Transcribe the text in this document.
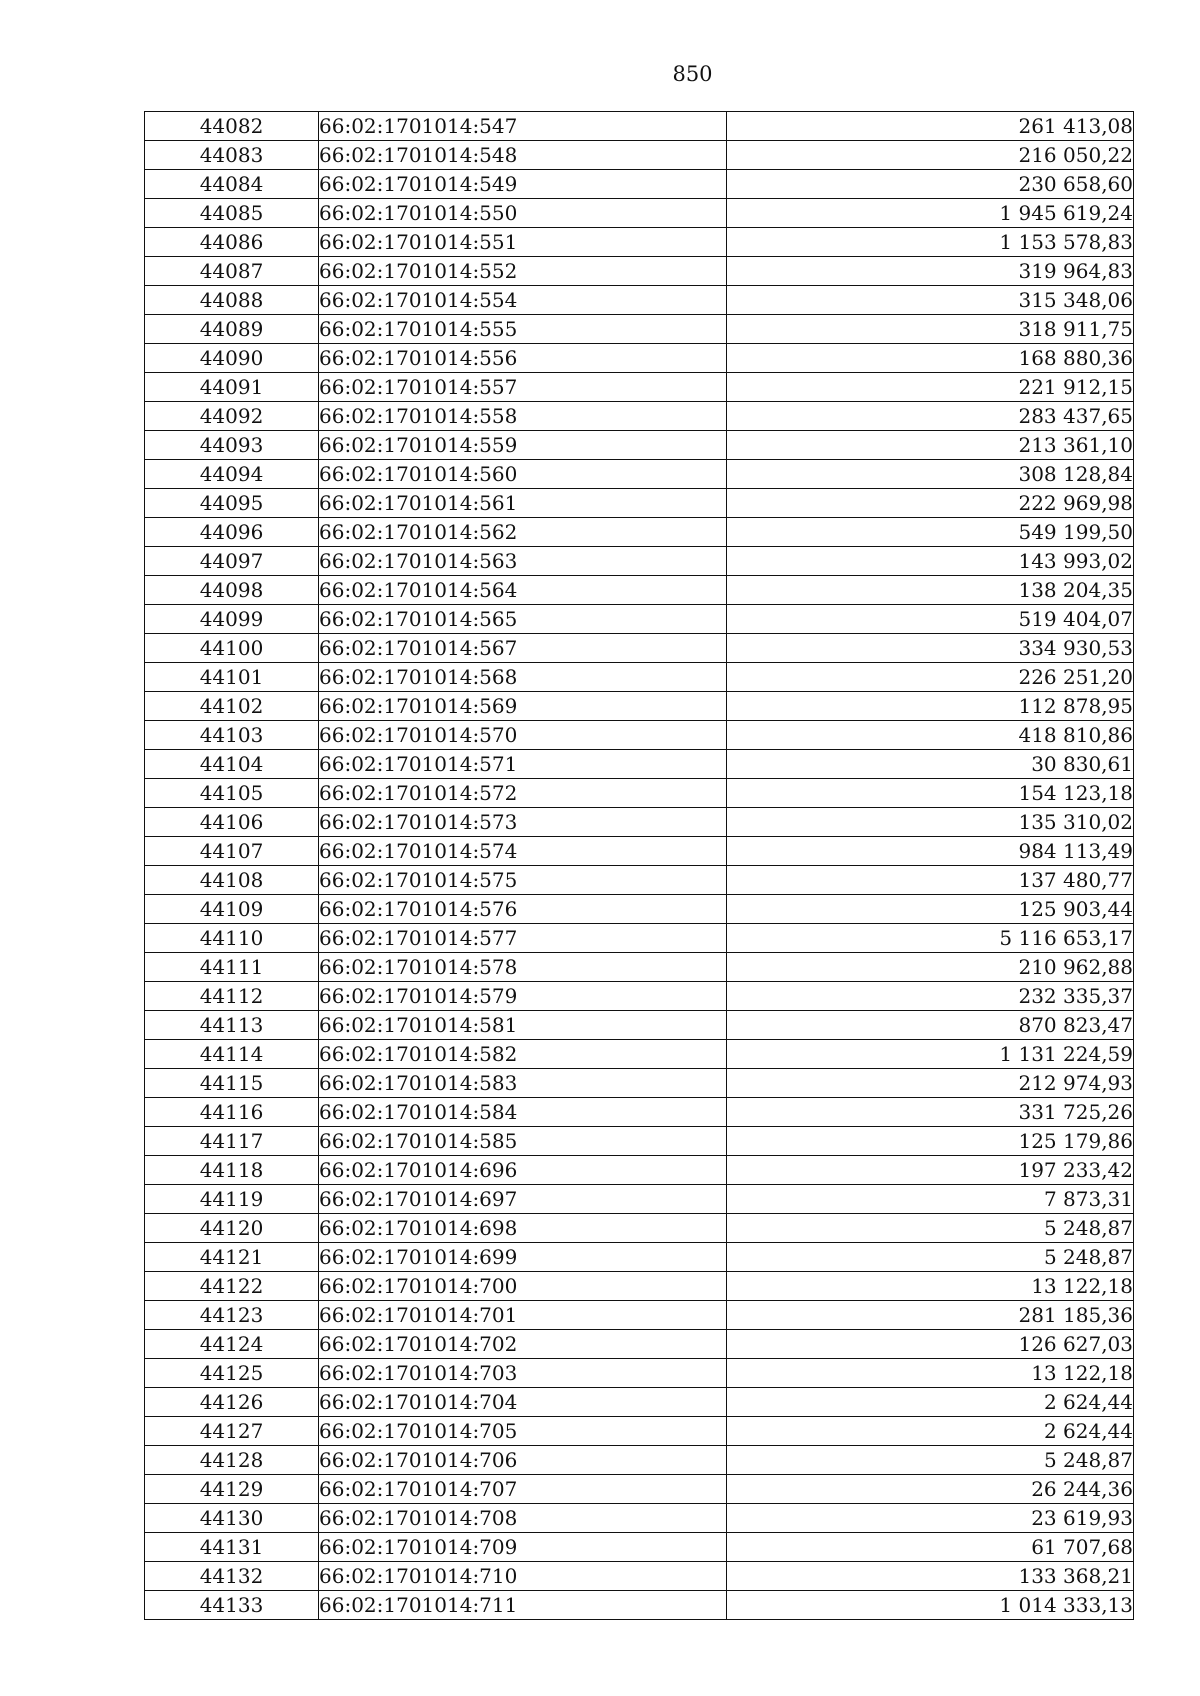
850
44082	66:02:1701014:547	261 413,08
44083	66:02:1701014:548	216 050,22
44084	66:02:1701014:549	230 658,60
44085	66:02:1701014:550	1 945 619,24
44086	66:02:1701014:551	1 153 578,83
44087	66:02:1701014:552	319 964,83
44088	66:02:1701014:554	315 348,06
44089	66:02:1701014:555	318 911,75
44090	66:02:1701014:556	168 880,36
44091	66:02:1701014:557	221 912,15
44092	66:02:1701014:558	283 437,65
44093	66:02:1701014:559	213 361,10
44094	66:02:1701014:560	308 128,84
44095	66:02:1701014:561	222 969,98
44096	66:02:1701014:562	549 199,50
44097	66:02:1701014:563	143 993,02
44098	66:02:1701014:564	138 204,35
44099	66:02:1701014:565	519 404,07
44100	66:02:1701014:567	334 930,53
44101	66:02:1701014:568	226 251,20
44102	66:02:1701014:569	112 878,95
44103	66:02:1701014:570	418 810,86
44104	66:02:1701014:571	30 830,61
44105	66:02:1701014:572	154 123,18
44106	66:02:1701014:573	135 310,02
44107	66:02:1701014:574	984 113,49
44108	66:02:1701014:575	137 480,77
44109	66:02:1701014:576	125 903,44
44110	66:02:1701014:577	5 116 653,17
44111	66:02:1701014:578	210 962,88
44112	66:02:1701014:579	232 335,37
44113	66:02:1701014:581	870 823,47
44114	66:02:1701014:582	1 131 224,59
44115	66:02:1701014:583	212 974,93
44116	66:02:1701014:584	331 725,26
44117	66:02:1701014:585	125 179,86
44118	66:02:1701014:696	197 233,42
44119	66:02:1701014:697	7 873,31
44120	66:02:1701014:698	5 248,87
44121	66:02:1701014:699	5 248,87
44122	66:02:1701014:700	13 122,18
44123	66:02:1701014:701	281 185,36
44124	66:02:1701014:702	126 627,03
44125	66:02:1701014:703	13 122,18
44126	66:02:1701014:704	2 624,44
44127	66:02:1701014:705	2 624,44
44128	66:02:1701014:706	5 248,87
44129	66:02:1701014:707	26 244,36
44130	66:02:1701014:708	23 619,93
44131	66:02:1701014:709	61 707,68
44132	66:02:1701014:710	133 368,21
44133	66:02:1701014:711	1 014 333,13
